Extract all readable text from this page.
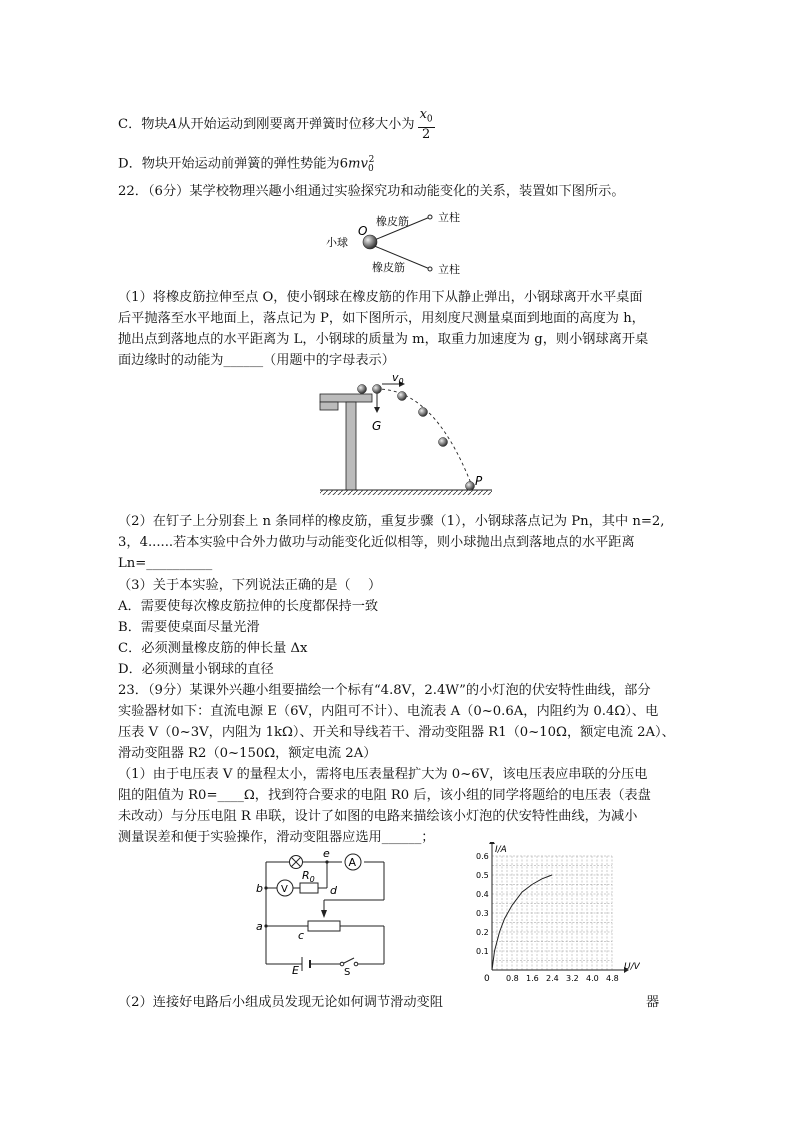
C．物块A从开始运动到刚要离开弹簧时位移大小为 $\frac{x_0}{2}$
D．物块开始运动前弹簧的弹性势能为$6mv_0^2$
22．（6分）某学校物理兴趣小组通过实验探究功和动能变化的关系，装置如下图所示。
O
橡皮筋
橡皮筋
小球
立柱
立柱
（1）将橡皮筋拉伸至点 O，使小钢球在橡皮筋的作用下从静止弹出，小钢球离开水平桌面
后平抛落至水平地面上，落点记为 P，如下图所示，用刻度尺测量桌面到地面的高度为 h，
抛出点到落地点的水平距离为 L，小钢球的质量为 m，取重力加速度为 g，则小钢球离开桌
面边缘时的动能为______（用题中的字母表示）
$v_0$
G
P
（2）在钉子上分别套上 n 条同样的橡皮筋，重复步骤（1），小钢球落点记为 Pn，其中 n=2,
3，4......若本实验中合外力做功与动能变化近似相等，则小球抛出点到落地点的水平距离
Ln=__________
（3）关于本实验，下列说法正确的是（　 ）
A．需要使每次橡皮筋拉伸的长度都保持一致
B．需要使桌面尽量光滑
C．必须测量橡皮筋的伸长量 Δx
D．必须测量小钢球的直径
23．（9分）某课外兴趣小组要描绘一个标有“4.8V，2.4W”的小灯泡的伏安特性曲线，部分
实验器材如下：直流电源 E（6V，内阻可不计）、电流表 A（0~0.6A，内阻约为 0.4Ω）、电
压表 V（0~3V，内阻为 1kΩ）、开关和导线若干、滑动变阻器 R1（0~10Ω，额定电流 2A）、
滑动变阻器 R2（0~150Ω，额定电流 2A）
（1）由于电压表 V 的量程太小，需将电压表量程扩大为 0~6V，该电压表应串联的分压电
阻的阻值为 R0=____Ω，找到符合要求的电阻 R0 后，该小组的同学将题给的电压表（表盘
未改动）与分压电阻 R 串联，设计了如图的电路来描绘该小灯泡的伏安特性曲线，为减小
测量误差和便于实验操作，滑动变阻器应选用______；
A
V
$R_0$
e
b	d
a
c
E	S
0.6
0.5
0.4
0.3
0.2
0.1
0.8 1.6 2.4 3.2 4.0 4.8
I/A
U/V
0
（2）连接好电路后小组成员发现无论如何调节滑动变阻	器
